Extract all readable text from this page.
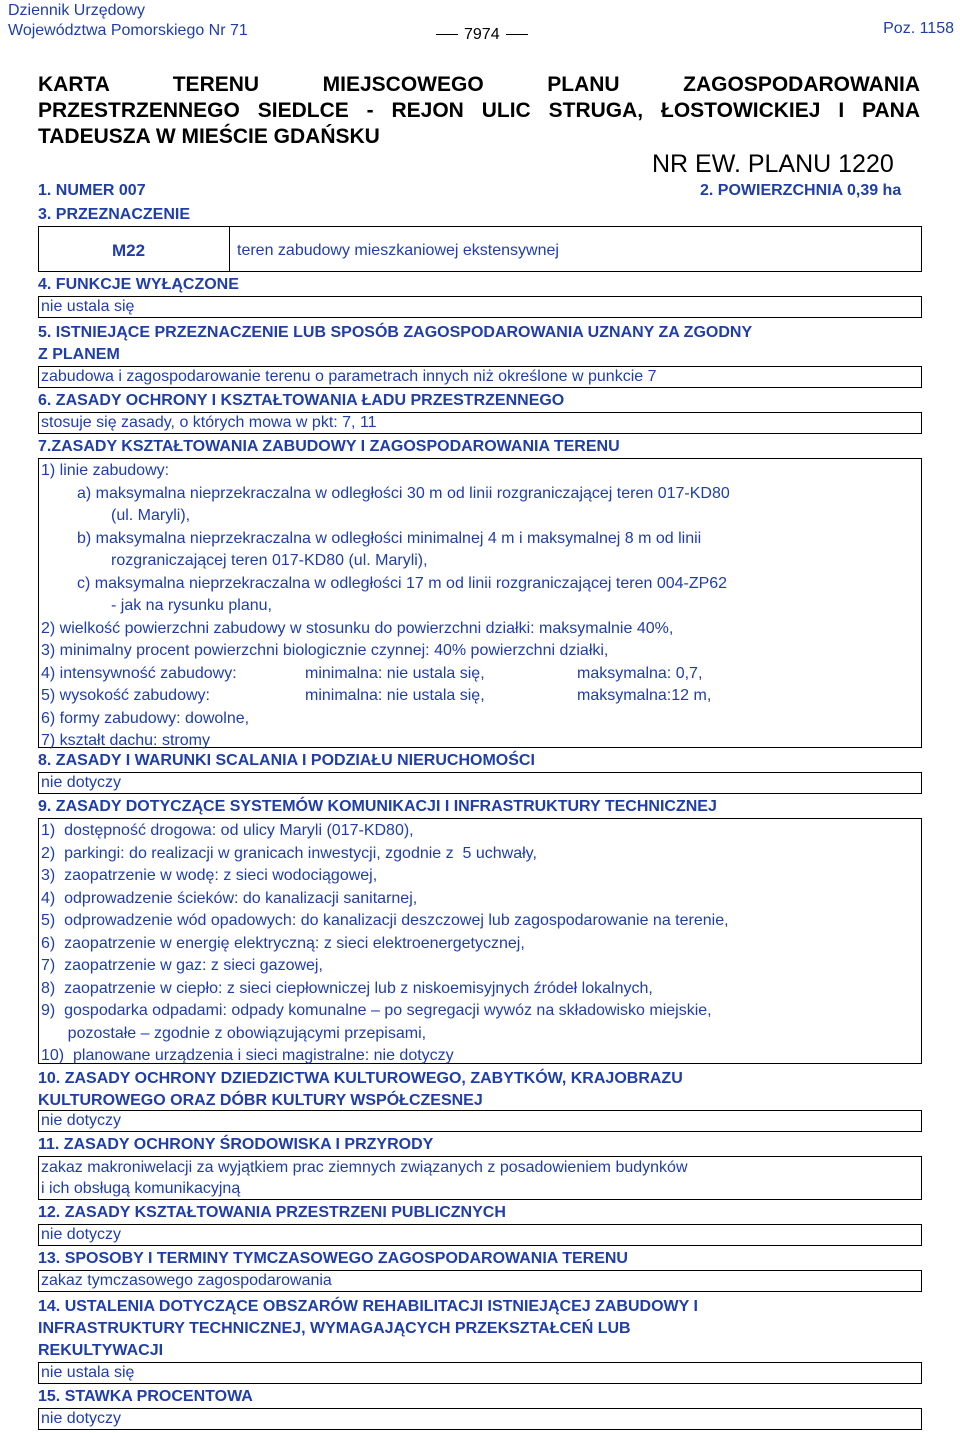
Dziennik Urzędowy
Województwa Pomorskiego Nr 71	7974	Poz. 1158
KARTA TERENU MIEJSCOWEGO PLANU ZAGOSPODAROWANIA
PRZESTRZENNEGO SIEDLCE - REJON ULIC STRUGA, ŁOSTOWICKIEJ I PANA
TADEUSZA W MIEŚCIE GDAŃSKU
NR EW. PLANU 1220
1. NUMER 007	2. POWIERZCHNIA 0,39 ha
3. PRZEZNACZENIE
M22	teren zabudowy mieszkaniowej ekstensywnej
4. FUNKCJE WYŁĄCZONE
nie ustala się
5. ISTNIEJĄCE PRZEZNACZENIE LUB SPOSÓB ZAGOSPODAROWANIA UZNANY ZA ZGODNY
Z PLANEM
zabudowa i zagospodarowanie terenu o parametrach innych niż określone w punkcie 7
6. ZASADY OCHRONY I KSZTAŁTOWANIA ŁADU PRZESTRZENNEGO
stosuje się zasady, o których mowa w pkt: 7, 11
7.ZASADY KSZTAŁTOWANIA ZABUDOWY I ZAGOSPODAROWANIA TERENU
1) linie zabudowy:
a) maksymalna nieprzekraczalna w odległości 30 m od linii rozgraniczającej teren 017-KD80
(ul. Maryli),
b) maksymalna nieprzekraczalna w odległości minimalnej 4 m i maksymalnej 8 m od linii
rozgraniczającej teren 017-KD80 (ul. Maryli),
c) maksymalna nieprzekraczalna w odległości 17 m od linii rozgraniczającej teren 004-ZP62
- jak na rysunku planu,
2) wielkość powierzchni zabudowy w stosunku do powierzchni działki: maksymalnie 40%,
3) minimalny procent powierzchni biologicznie czynnej: 40% powierzchni działki,
4) intensywność zabudowy:	minimalna: nie ustala się,	maksymalna: 0,7,
5) wysokość zabudowy:	minimalna: nie ustala się,	maksymalna:12 m,
6) formy zabudowy: dowolne,
7) kształt dachu: stromy
8. ZASADY I WARUNKI SCALANIA I PODZIAŁU NIERUCHOMOŚCI
nie dotyczy
9. ZASADY DOTYCZĄCE SYSTEMÓW KOMUNIKACJI I INFRASTRUKTURY TECHNICZNEJ
1)  dostępność drogowa: od ulicy Maryli (017-KD80),
2)  parkingi: do realizacji w granicach inwestycji, zgodnie z  5 uchwały,
3)  zaopatrzenie w wodę: z sieci wodociągowej,
4)  odprowadzenie ścieków: do kanalizacji sanitarnej,
5)  odprowadzenie wód opadowych: do kanalizacji deszczowej lub zagospodarowanie na terenie,
6)  zaopatrzenie w energię elektryczną: z sieci elektroenergetycznej,
7)  zaopatrzenie w gaz: z sieci gazowej,
8)  zaopatrzenie w ciepło: z sieci ciepłowniczej lub z niskoemisyjnych źródeł lokalnych,
9)  gospodarka odpadami: odpady komunalne – po segregacji wywóz na składowisko miejskie,
pozostałe – zgodnie z obowiązującymi przepisami,
10)  planowane urządzenia i sieci magistralne: nie dotyczy
10. ZASADY OCHRONY DZIEDZICTWA KULTUROWEGO, ZABYTKÓW, KRAJOBRAZU
KULTUROWEGO ORAZ DÓBR KULTURY WSPÓŁCZESNEJ
nie dotyczy
11. ZASADY OCHRONY ŚRODOWISKA I PRZYRODY
zakaz makroniwelacji za wyjątkiem prac ziemnych związanych z posadowieniem budynków
i ich obsługą komunikacyjną
12. ZASADY KSZTAŁTOWANIA PRZESTRZENI PUBLICZNYCH
nie dotyczy
13. SPOSOBY I TERMINY TYMCZASOWEGO ZAGOSPODAROWANIA TERENU
zakaz tymczasowego zagospodarowania
14. USTALENIA DOTYCZĄCE OBSZARÓW REHABILITACJI ISTNIEJĄCEJ ZABUDOWY I
INFRASTRUKTURY TECHNICZNEJ, WYMAGAJĄCYCH PRZEKSZTAŁCEŃ LUB
REKULTYWACJI
nie ustala się
15. STAWKA PROCENTOWA
nie dotyczy
